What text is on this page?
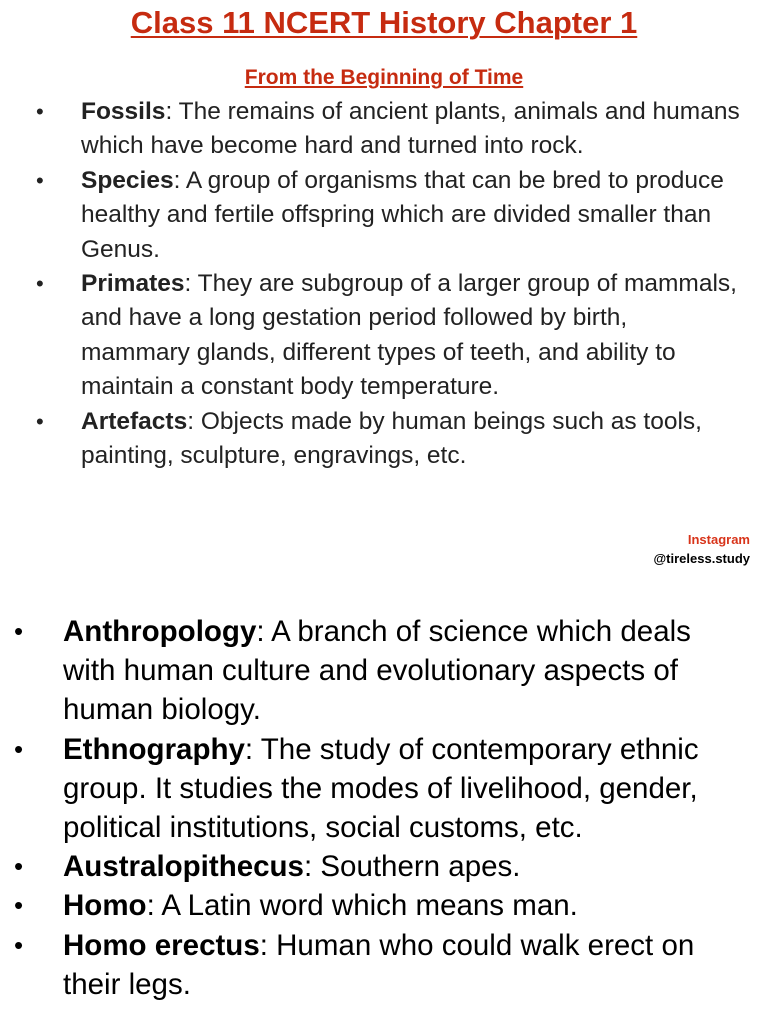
Class 11 NCERT History Chapter 1
From the Beginning of Time
• Fossils: The remains of ancient plants, animals and humans which have become hard and turned into rock.
• Species: A group of organisms that can be bred to produce healthy and fertile offspring which are divided smaller than Genus.
• Primates: They are subgroup of a larger group of mammals, and have a long gestation period followed by birth, mammary glands, different types of teeth, and ability to maintain a constant body temperature.
• Artefacts: Objects made by human beings such as tools, painting, sculpture, engravings, etc.
Instagram
@tireless.study
• Anthropology: A branch of science which deals with human culture and evolutionary aspects of human biology.
• Ethnography: The study of contemporary ethnic group. It studies the modes of livelihood, gender, political institutions, social customs, etc.
• Australopithecus: Southern apes.
• Homo: A Latin word which means man.
• Homo erectus: Human who could walk erect on their legs.
